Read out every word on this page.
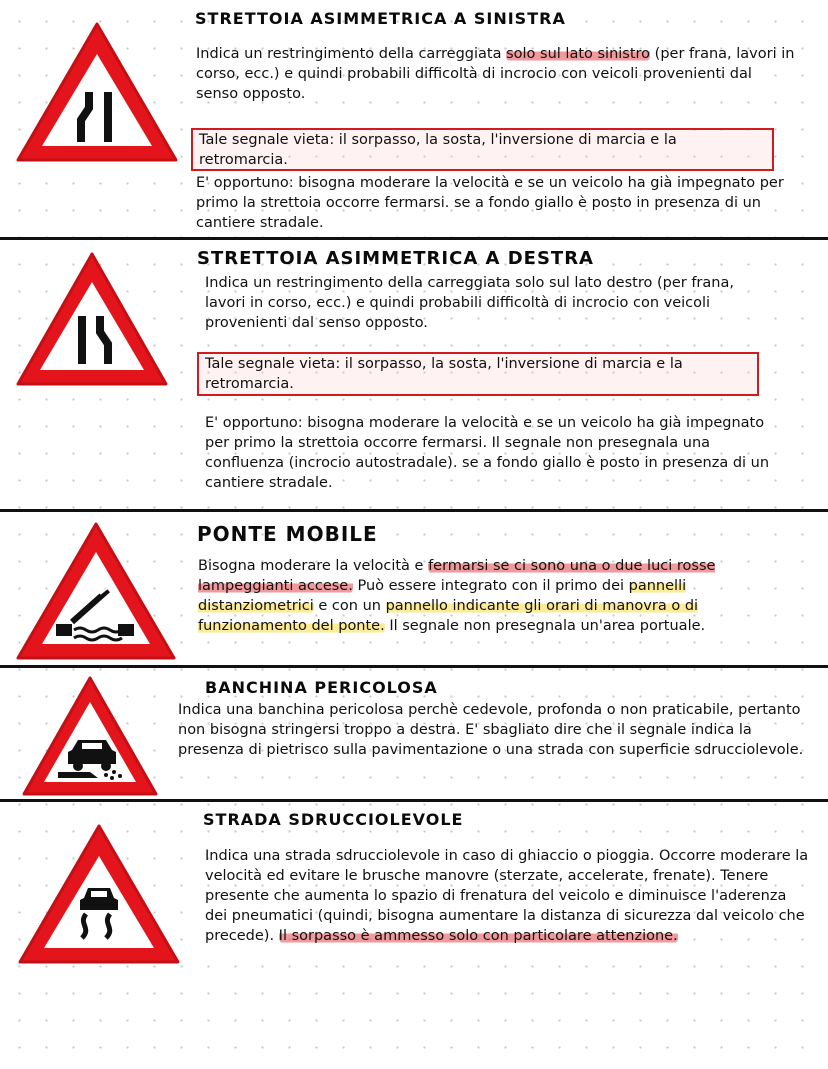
STRETTOIA ASIMMETRICA A SINISTRA

Indica un restringimento della carreggiata solo sul lato sinistro (per frana, lavori in corso, ecc.) e quindi probabili difficoltà di incrocio con veicoli provenienti dal senso opposto.

Tale segnale vieta: il sorpasso, la sosta, l'inversione di marcia e la retromarcia.

E' opportuno: bisogna moderare la velocità e se un veicolo ha già impegnato per primo la strettoia occorre fermarsi. se a fondo giallo è posto in presenza di un cantiere stradale.

STRETTOIA ASIMMETRICA A DESTRA

Indica un restringimento della carreggiata solo sul lato destro (per frana, lavori in corso, ecc.) e quindi probabili difficoltà di incrocio con veicoli provenienti dal senso opposto.

Tale segnale vieta: il sorpasso, la sosta, l'inversione di marcia e la retromarcia.

E' opportuno: bisogna moderare la velocità e se un veicolo ha già impegnato per primo la strettoia occorre fermarsi. Il segnale non presegnala una confluenza (incrocio autostradale). se a fondo giallo è posto in presenza di un cantiere stradale.

PONTE MOBILE

Bisogna moderare la velocità e fermarsi se ci sono una o due luci rosse lampeggianti accese. Può essere integrato con il primo dei pannelli distanziometrici e con un pannello indicante gli orari di manovra o di funzionamento del ponte. Il segnale non presegnala un'area portuale.

BANCHINA PERICOLOSA

Indica una banchina pericolosa perchè cedevole, profonda o non praticabile, pertanto non bisogna stringersi troppo a destra. E' sbagliato dire che il segnale indica la presenza di pietrisco sulla pavimentazione o una strada con superficie sdrucciolevole.

STRADA SDRUCCIOLEVOLE

Indica una strada sdrucciolevole in caso di ghiaccio o pioggia. Occorre moderare la velocità ed evitare le brusche manovre (sterzate, accelerate, frenate). Tenere presente che aumenta lo spazio di frenatura del veicolo e diminuisce l'aderenza dei pneumatici (quindi, bisogna aumentare la distanza di sicurezza dal veicolo che precede). Il sorpasso è ammesso solo con particolare attenzione.
